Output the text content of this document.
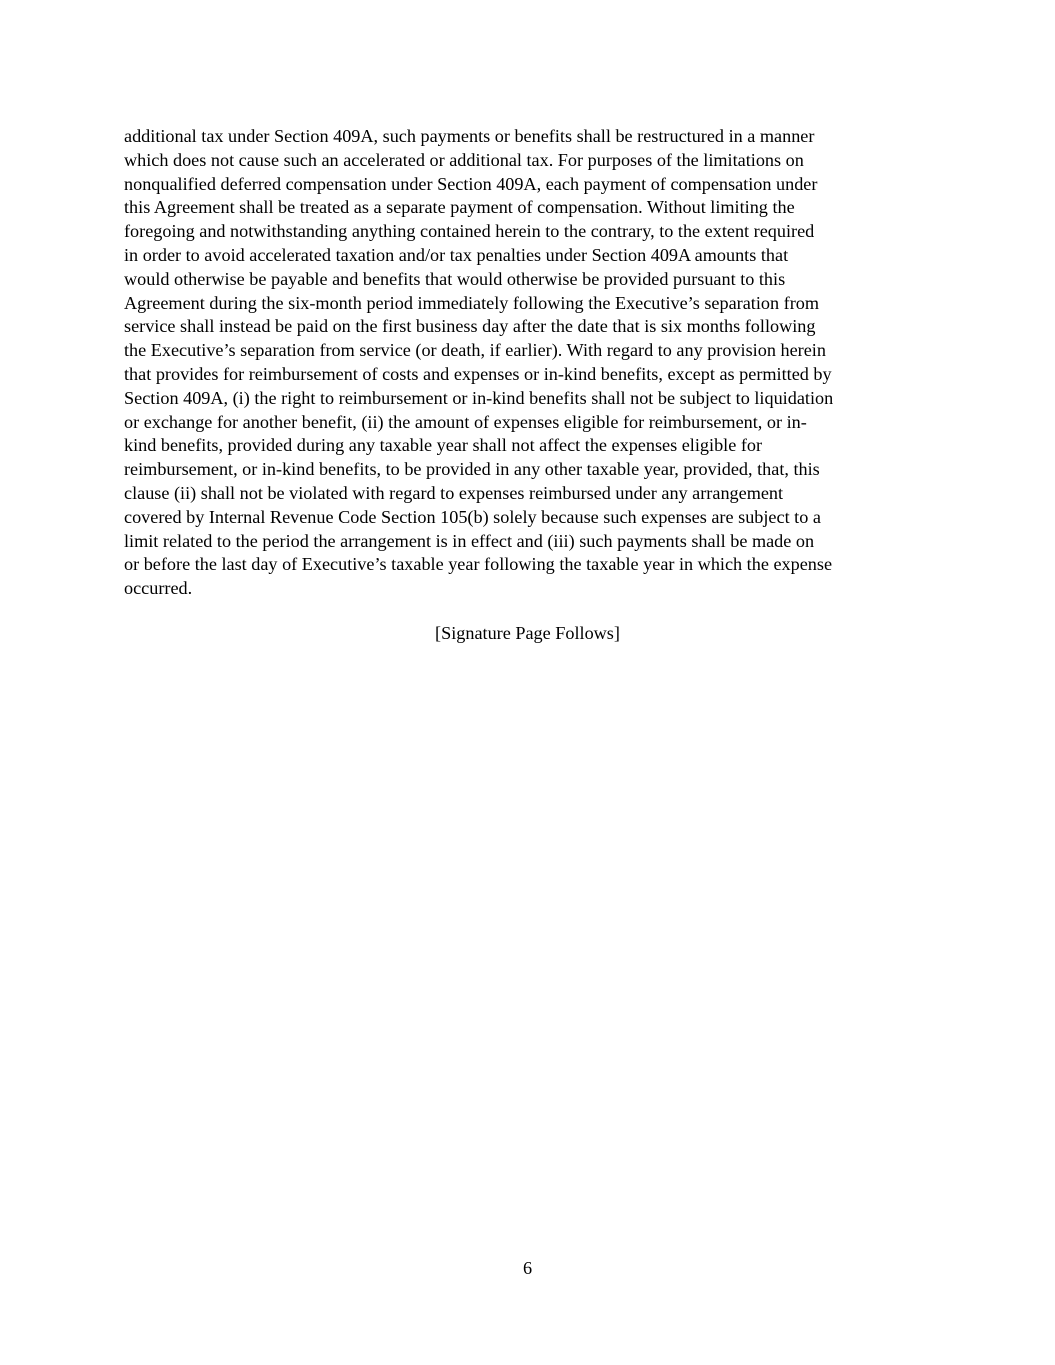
additional tax under Section 409A, such payments or benefits shall be restructured in a manner
which does not cause such an accelerated or additional tax. For purposes of the limitations on
nonqualified deferred compensation under Section 409A, each payment of compensation under
this Agreement shall be treated as a separate payment of compensation. Without limiting the
foregoing and notwithstanding anything contained herein to the contrary, to the extent required
in order to avoid accelerated taxation and/or tax penalties under Section 409A amounts that
would otherwise be payable and benefits that would otherwise be provided pursuant to this
Agreement during the six-month period immediately following the Executive’s separation from
service shall instead be paid on the first business day after the date that is six months following
the Executive’s separation from service (or death, if earlier). With regard to any provision herein
that provides for reimbursement of costs and expenses or in-kind benefits, except as permitted by
Section 409A, (i) the right to reimbursement or in-kind benefits shall not be subject to liquidation
or exchange for another benefit, (ii) the amount of expenses eligible for reimbursement, or in-
kind benefits, provided during any taxable year shall not affect the expenses eligible for
reimbursement, or in-kind benefits, to be provided in any other taxable year, provided, that, this
clause (ii) shall not be violated with regard to expenses reimbursed under any arrangement
covered by Internal Revenue Code Section 105(b) solely because such expenses are subject to a
limit related to the period the arrangement is in effect and (iii) such payments shall be made on
or before the last day of Executive’s taxable year following the taxable year in which the expense
occurred.

[Signature Page Follows]

6
